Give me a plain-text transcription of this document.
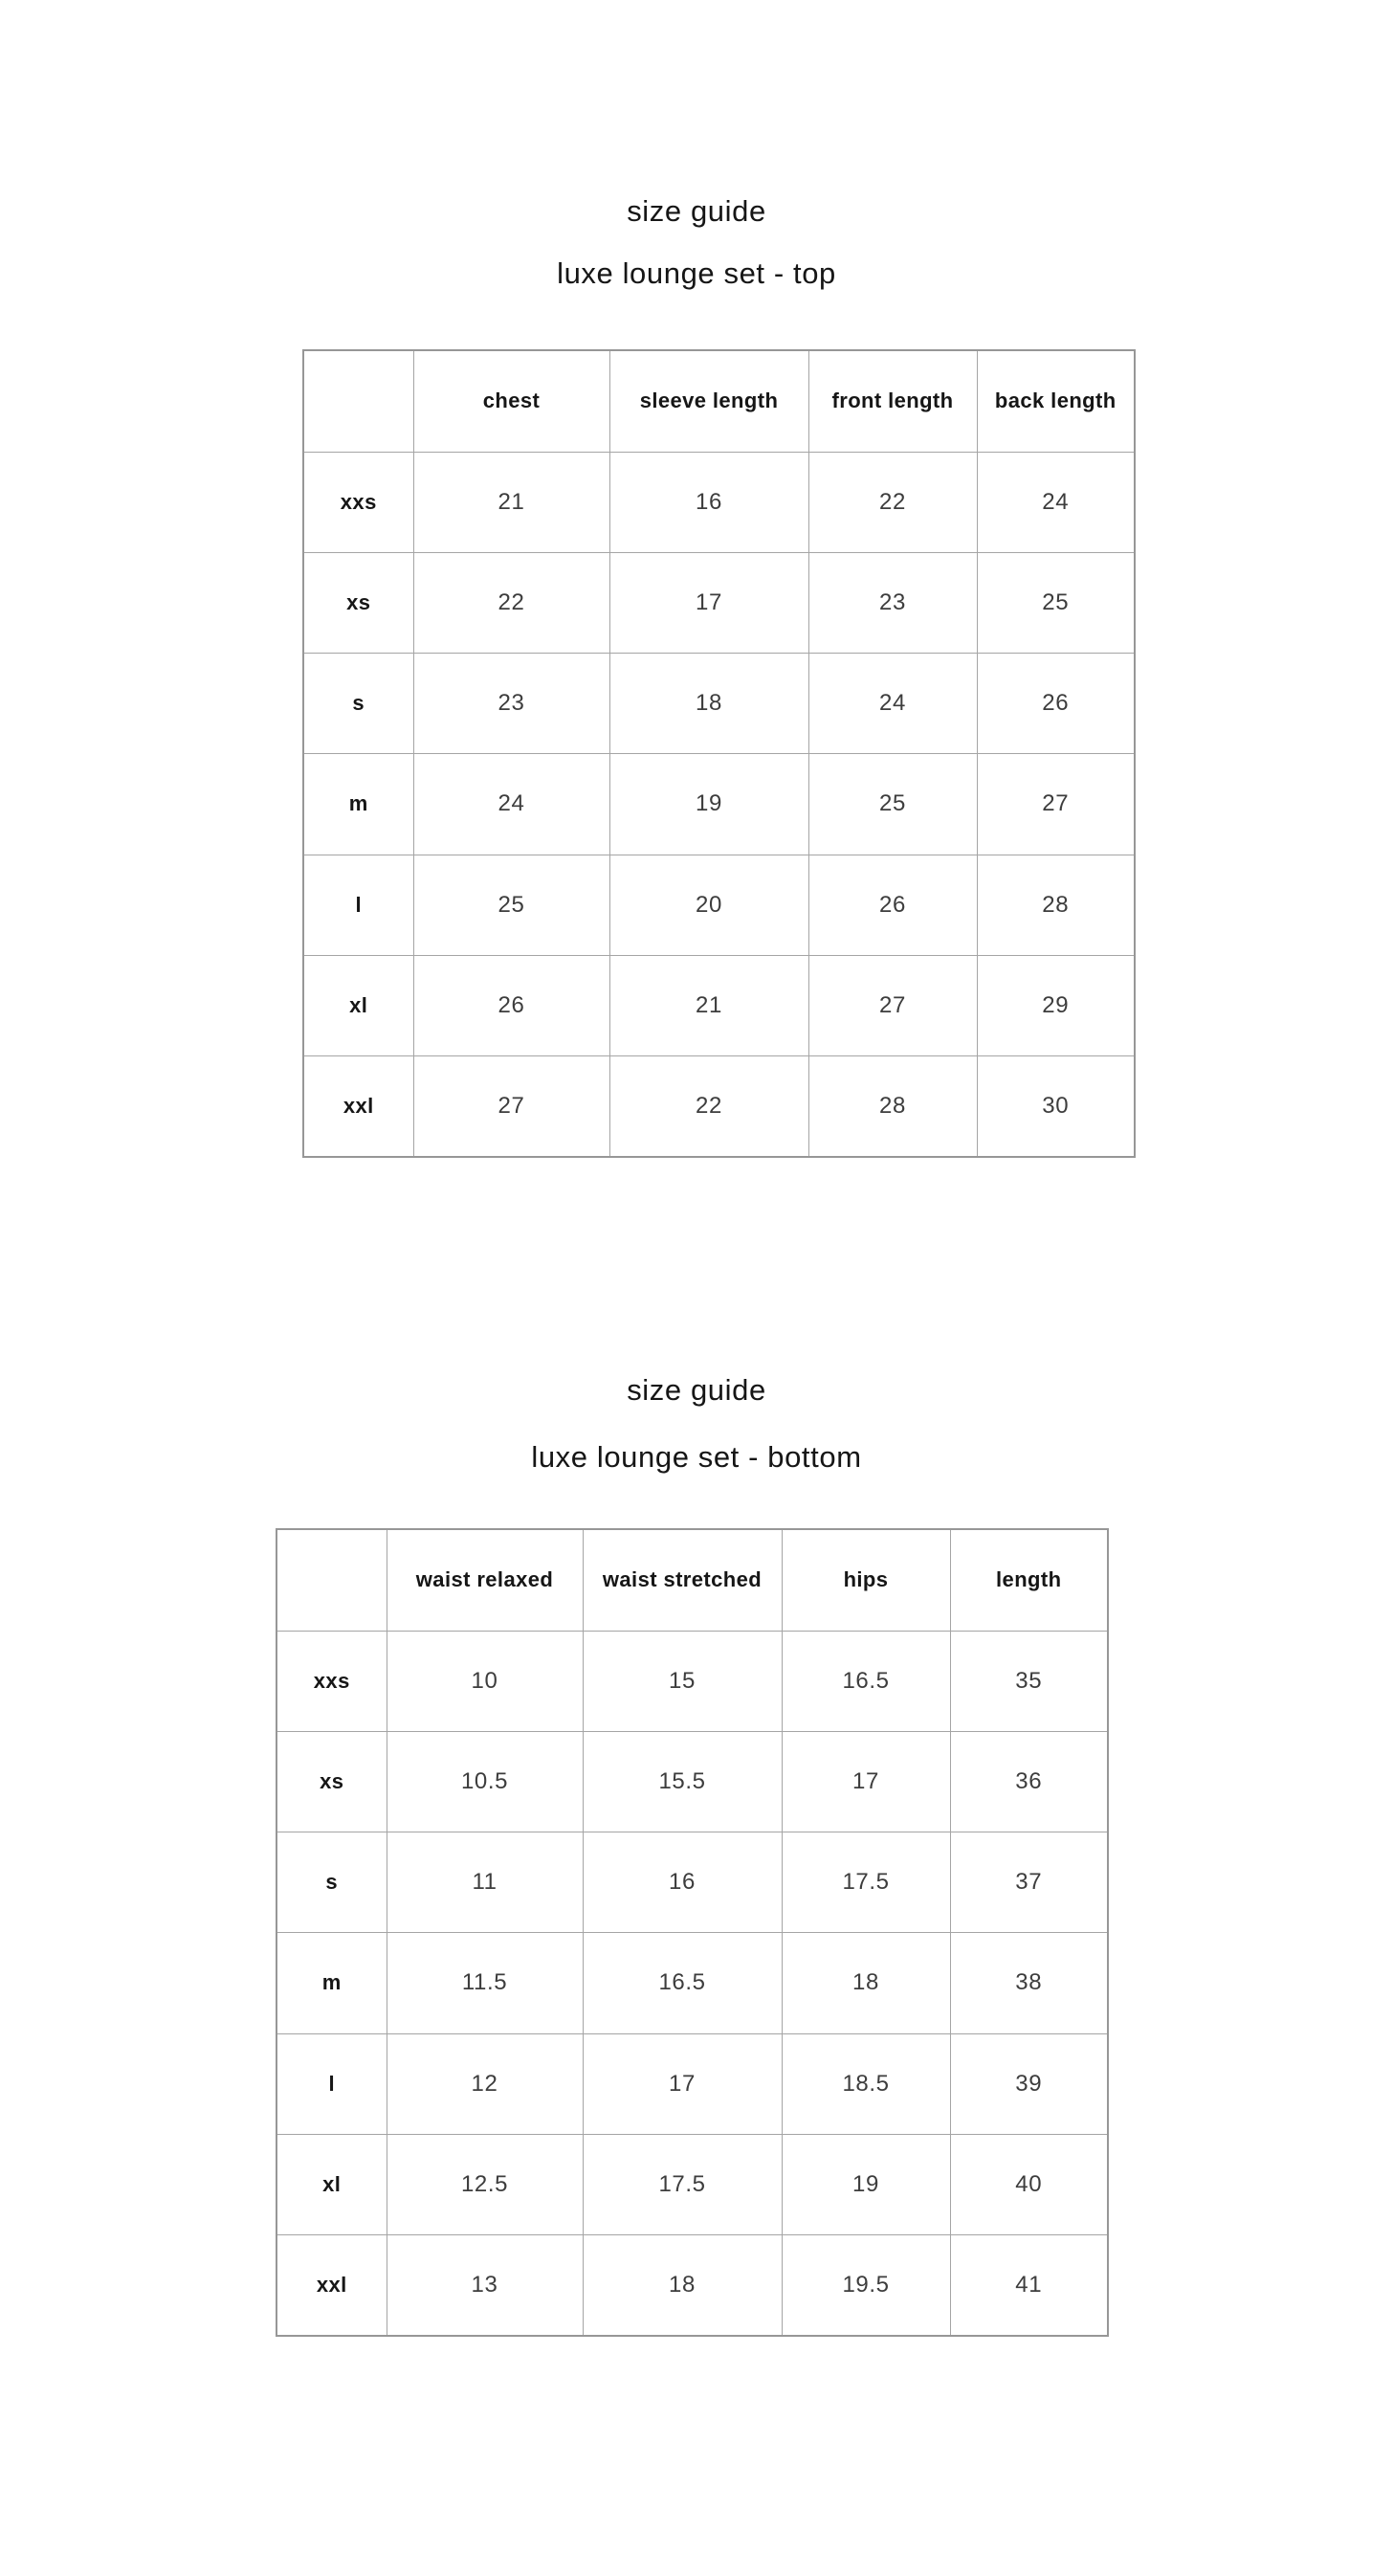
size guide
luxe lounge set - top
	chest	sleeve length	front length	back length
xxs	21	16	22	24
xs	22	17	23	25
s	23	18	24	26
m	24	19	25	27
l	25	20	26	28
xl	26	21	27	29
xxl	27	22	28	30
size guide
luxe lounge set - bottom
	waist relaxed	waist stretched	hips	length
xxs	10	15	16.5	35
xs	10.5	15.5	17	36
s	11	16	17.5	37
m	11.5	16.5	18	38
l	12	17	18.5	39
xl	12.5	17.5	19	40
xxl	13	18	19.5	41
